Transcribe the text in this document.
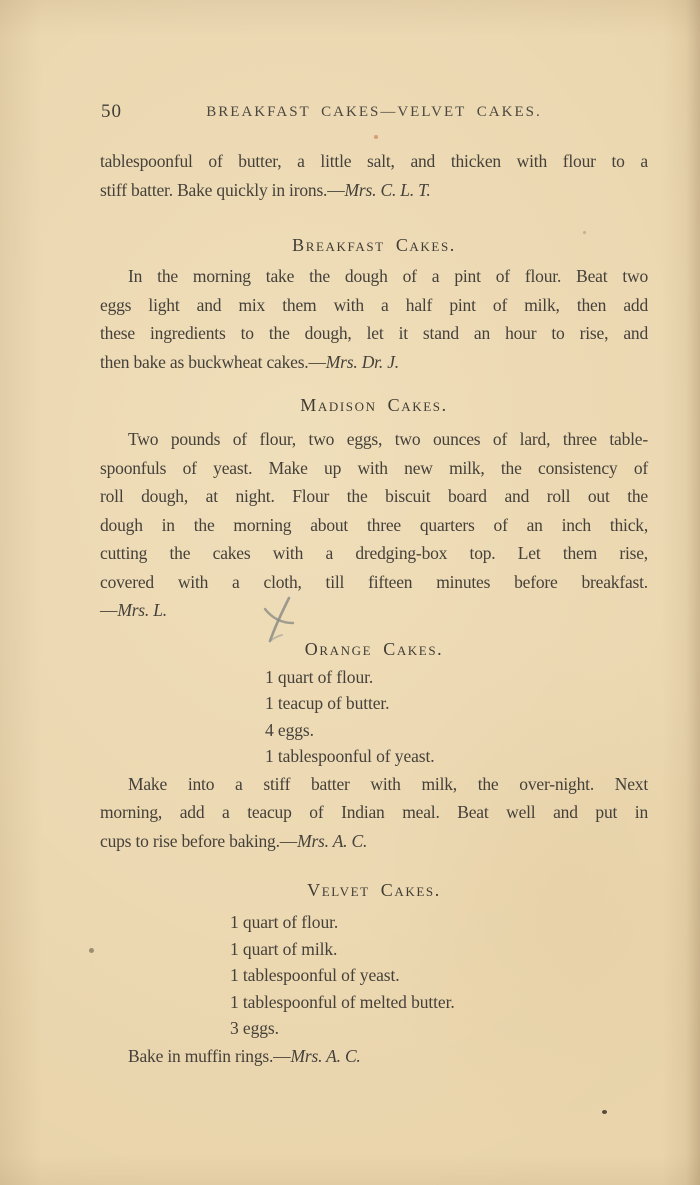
50	BREAKFAST CAKES—VELVET CAKES.
tablespoonful of butter, a little salt, and thicken with flour to a
stiff batter. Bake quickly in irons.—Mrs. C. L. T.
Breakfast Cakes.
In the morning take the dough of a pint of flour. Beat two
eggs light and mix them with a half pint of milk, then add
these ingredients to the dough, let it stand an hour to rise, and
then bake as buckwheat cakes.—Mrs. Dr. J.
Madison Cakes.
Two pounds of flour, two eggs, two ounces of lard, three table-
spoonfuls of yeast. Make up with new milk, the consistency of
roll dough, at night. Flour the biscuit board and roll out the
dough in the morning about three quarters of an inch thick,
cutting the cakes with a dredging-box top. Let them rise,
covered with a cloth, till fifteen minutes before breakfast.
—Mrs. L.
Orange Cakes.
1 quart of flour.
1 teacup of butter.
4 eggs.
1 tablespoonful of yeast.
Make into a stiff batter with milk, the over-night. Next
morning, add a teacup of Indian meal. Beat well and put in
cups to rise before baking.—Mrs. A. C.
Velvet Cakes.
1 quart of flour.
1 quart of milk.
1 tablespoonful of yeast.
1 tablespoonful of melted butter.
3 eggs.
Bake in muffin rings.—Mrs. A. C.
